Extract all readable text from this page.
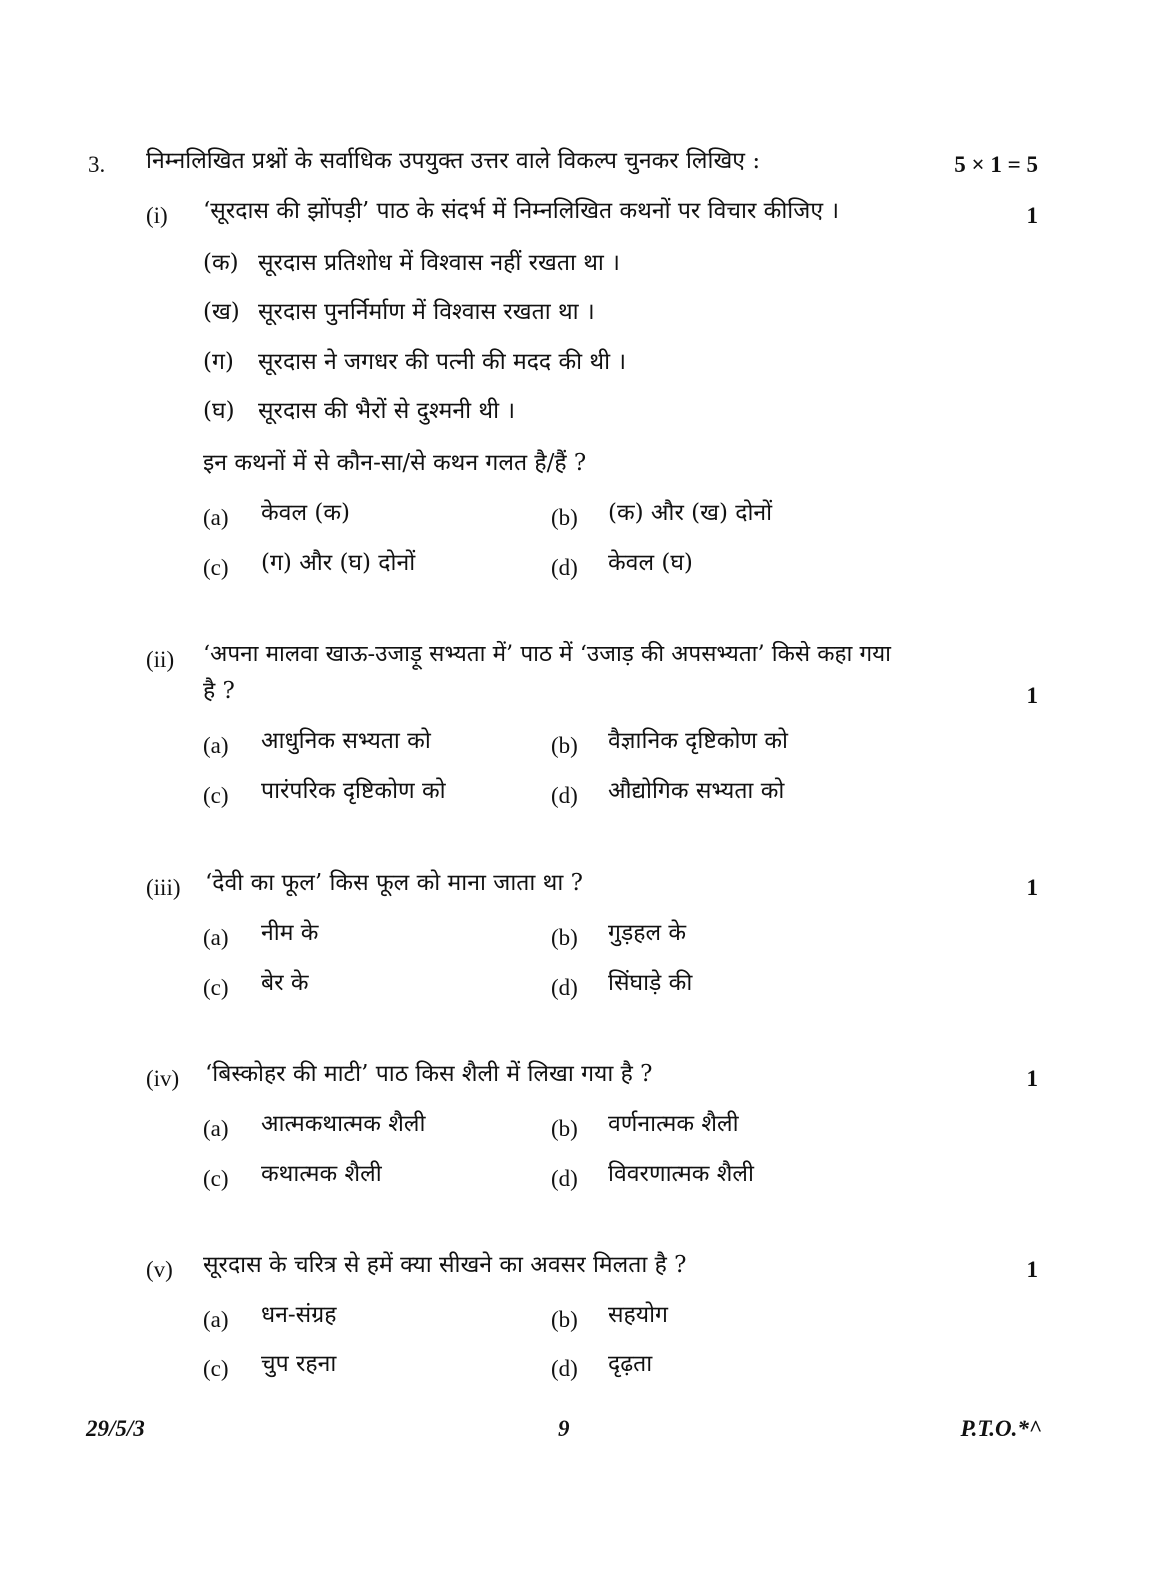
3. निम्नलिखित प्रश्नों के सर्वाधिक उपयुक्त उत्तर वाले विकल्प चुनकर लिखिए :	5 × 1 = 5
(i) ‘सूरदास की झोंपड़ी’ पाठ के संदर्भ में निम्नलिखित कथनों पर विचार कीजिए ।	1
(क) सूरदास प्रतिशोध में विश्वास नहीं रखता था ।
(ख) सूरदास पुनर्निर्माण में विश्वास रखता था ।
(ग) सूरदास ने जगधर की पत्नी की मदद की थी ।
(घ) सूरदास की भैरों से दुश्मनी थी ।
इन कथनों में से कौन-सा/से कथन गलत है/हैं ?
(a) केवल (क)	(b) (क) और (ख) दोनों
(c) (ग) और (घ) दोनों	(d) केवल (घ)
(ii) ‘अपना मालवा खाऊ-उजाड़ू सभ्यता में’ पाठ में ‘उजाड़ की अपसभ्यता’ किसे कहा गया
है ?	1
(a) आधुनिक सभ्यता को	(b) वैज्ञानिक दृष्टिकोण को
(c) पारंपरिक दृष्टिकोण को	(d) औद्योगिक सभ्यता को
(iii) ‘देवी का फूल’ किस फूल को माना जाता था ?	1
(a) नीम के	(b) गुड़हल के
(c) बेर के	(d) सिंघाड़े की
(iv) ‘बिस्कोहर की माटी’ पाठ किस शैली में लिखा गया है ?	1
(a) आत्मकथात्मक शैली	(b) वर्णनात्मक शैली
(c) कथात्मक शैली	(d) विवरणात्मक शैली
(v) सूरदास के चरित्र से हमें क्या सीखने का अवसर मिलता है ?	1
(a) धन-संग्रह	(b) सहयोग
(c) चुप रहना	(d) दृढ़ता
29/5/3	9	P.T.O.*^
